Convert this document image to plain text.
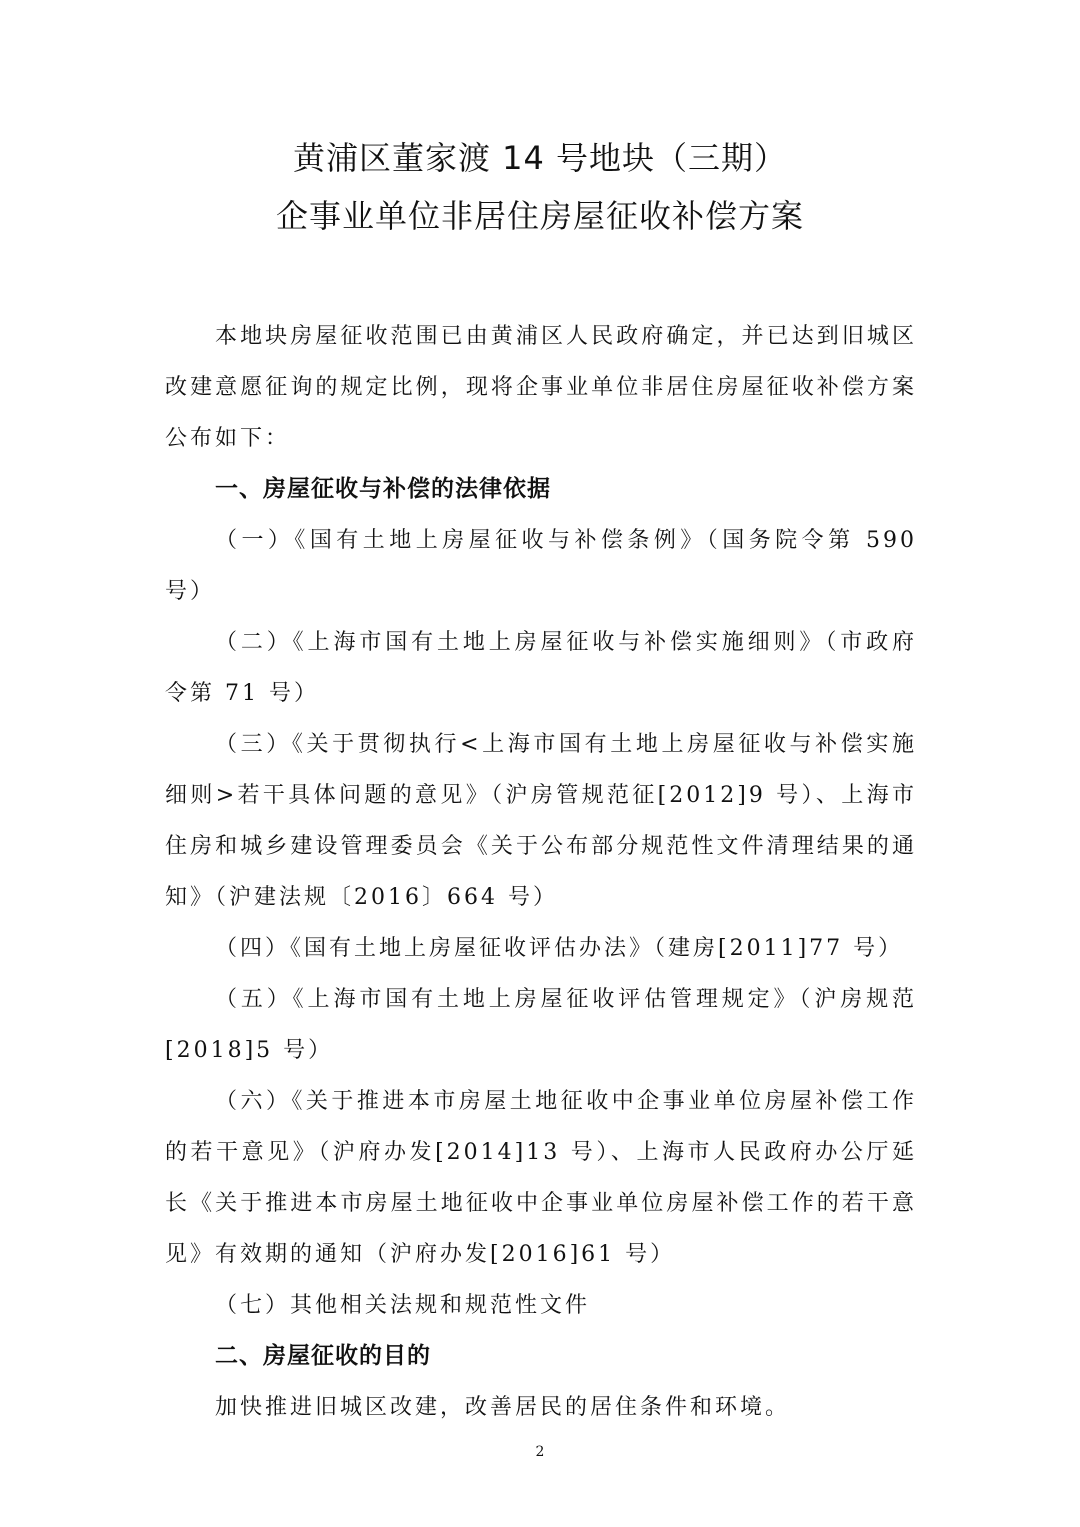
黄浦区董家渡 14 号地块（三期）
企事业单位非居住房屋征收补偿方案

本地块房屋征收范围已由黄浦区人民政府确定，并已达到旧城区改建意愿征询的规定比例，现将企事业单位非居住房屋征收补偿方案公布如下：

一、房屋征收与补偿的法律依据

（一）《国有土地上房屋征收与补偿条例》（国务院令第 590 号）

（二）《上海市国有土地上房屋征收与补偿实施细则》（市政府令第 71 号）

（三）《关于贯彻执行<上海市国有土地上房屋征收与补偿实施细则>若干具体问题的意见》（沪房管规范征[2012]9 号）、上海市住房和城乡建设管理委员会《关于公布部分规范性文件清理结果的通知》（沪建法规〔2016〕664 号）

（四）《国有土地上房屋征收评估办法》（建房[2011]77 号）

（五）《上海市国有土地上房屋征收评估管理规定》（沪房规范[2018]5 号）

（六）《关于推进本市房屋土地征收中企事业单位房屋补偿工作的若干意见》（沪府办发[2014]13 号）、上海市人民政府办公厅延长《关于推进本市房屋土地征收中企事业单位房屋补偿工作的若干意见》有效期的通知（沪府办发[2016]61 号）

（七）其他相关法规和规范性文件

二、房屋征收的目的

加快推进旧城区改建，改善居民的居住条件和环境。

2
